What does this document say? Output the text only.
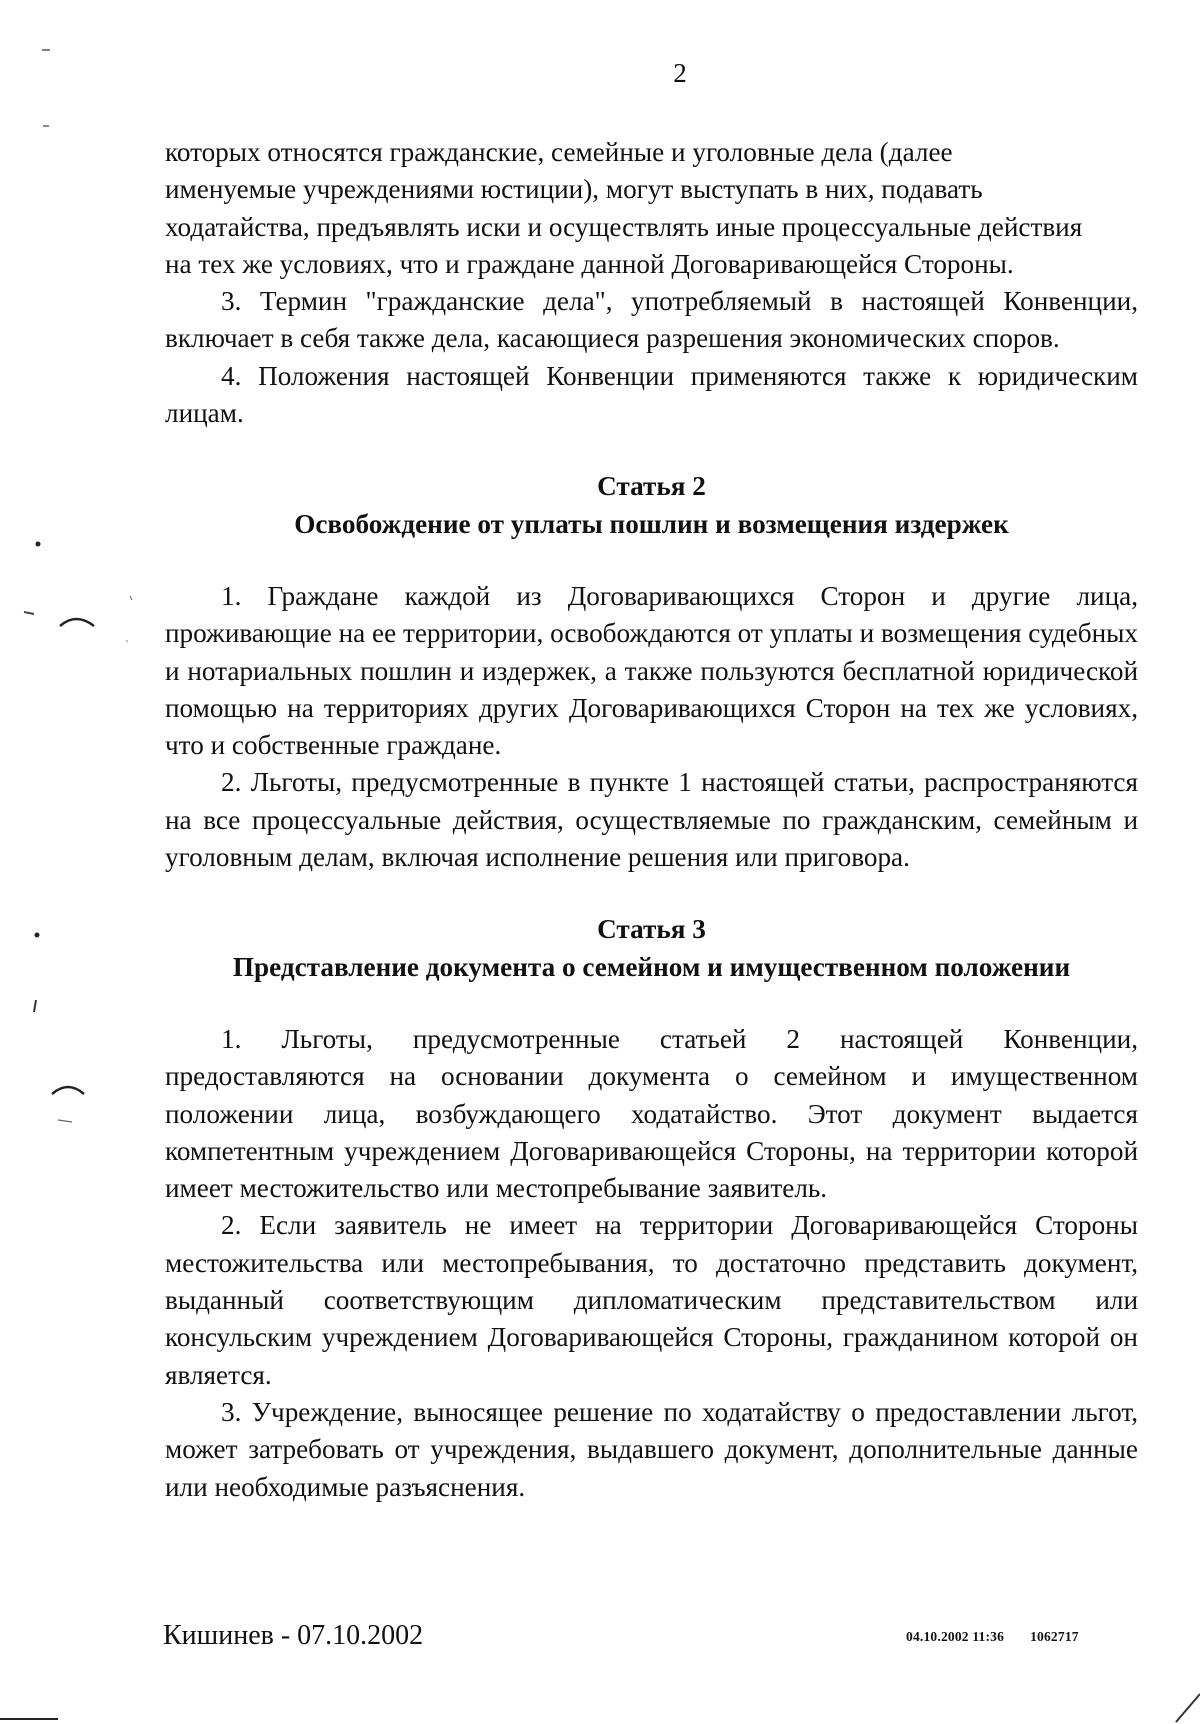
2
которых относятся гражданские, семейные и уголовные дела (далее
именуемые учреждениями юстиции), могут выступать в них, подавать
ходатайства, предъявлять иски и осуществлять иные процессуальные действия
на тех же условиях, что и граждане данной Договаривающейся Стороны.

3. Термин "гражданские дела", употребляемый в настоящей Конвенции, включает в себя также дела, касающиеся разрешения экономических споров.

4. Положения настоящей Конвенции применяются также к юридическим лицам.

Статья 2
Освобождение от уплаты пошлин и возмещения издержек

1. Граждане каждой из Договаривающихся Сторон и другие лица, проживающие на ее территории, освобождаются от уплаты и возмещения судебных и нотариальных пошлин и издержек, а также пользуются бесплатной юридической помощью на территориях других Договаривающихся Сторон на тех же условиях, что и собственные граждане.

2. Льготы, предусмотренные в пункте 1 настоящей статьи, распространяются на все процессуальные действия, осуществляемые по гражданским, семейным и уголовным делам, включая исполнение решения или приговора.

Статья 3
Представление документа о семейном и имущественном положении

1. Льготы, предусмотренные статьей 2 настоящей Конвенции, предоставляются на основании документа о семейном и имущественном положении лица, возбуждающего ходатайство. Этот документ выдается компетентным учреждением Договаривающейся Стороны, на территории которой имеет местожительство или местопребывание заявитель.

2. Если заявитель не имеет на территории Договаривающейся Стороны местожительства или местопребывания, то достаточно представить документ, выданный соответствующим дипломатическим представительством или консульским учреждением Договаривающейся Стороны, гражданином которой он является.

3. Учреждение, выносящее решение по ходатайству о предоставлении льгот, может затребовать от учреждения, выдавшего документ, дополнительные данные или необходимые разъяснения.

Кишинев - 07.10.2002	04.10.2002 11:36 1062717
